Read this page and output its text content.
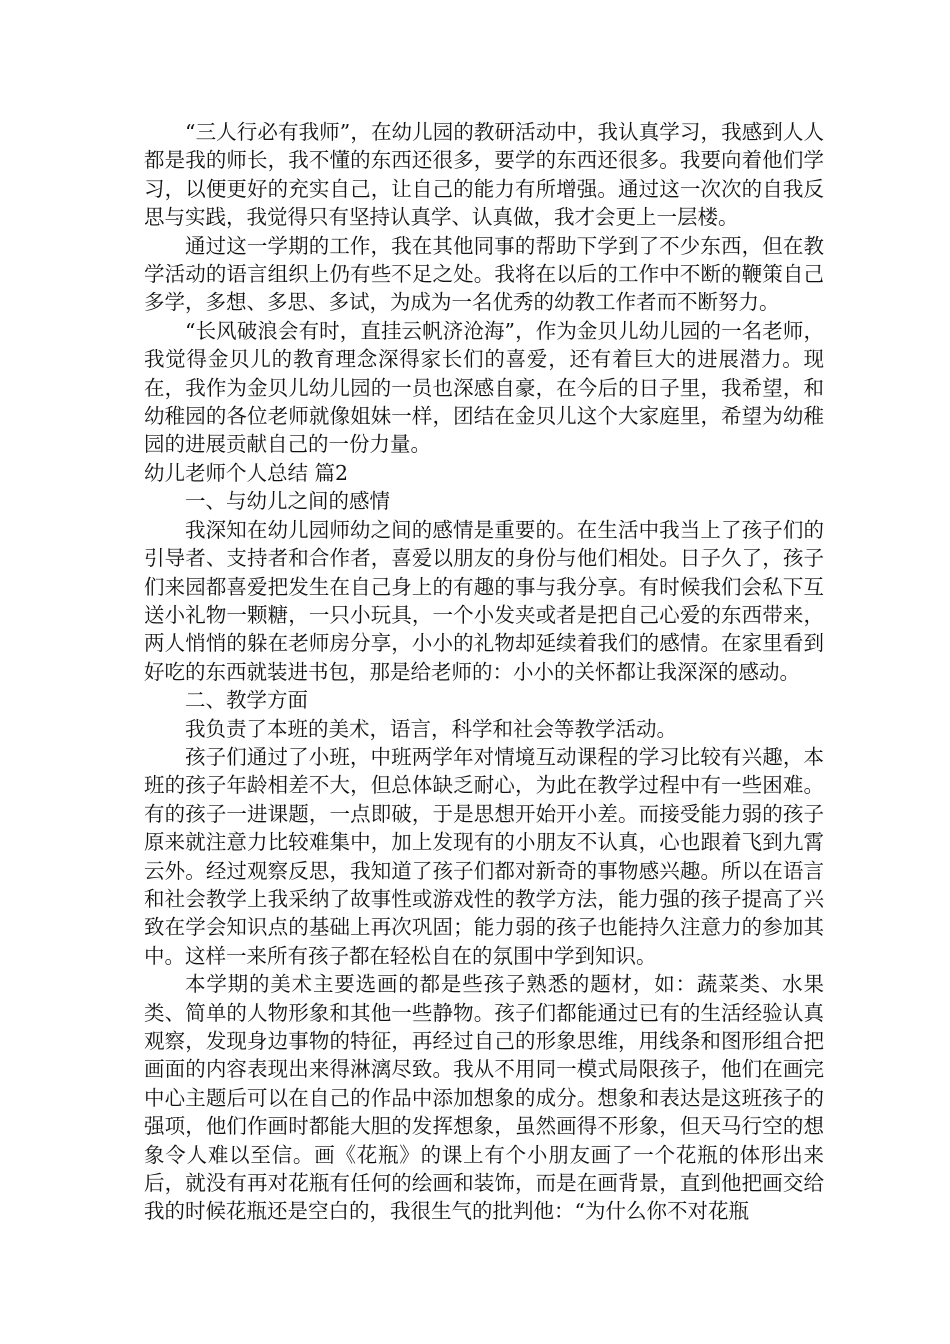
“三人行必有我师”，在幼儿园的教研活动中，我认真学习，我感到人人都是我的师长，我不懂的东西还很多，要学的东西还很多。我要向着他们学习，以便更好的充实自己，让自己的能力有所增强。通过这一次次的自我反思与实践，我觉得只有坚持认真学、认真做，我才会更上一层楼。

通过这一学期的工作，我在其他同事的帮助下学到了不少东西，但在教学活动的语言组织上仍有些不足之处。我将在以后的工作中不断的鞭策自己多学，多想、多思、多试，为成为一名优秀的幼教工作者而不断努力。

“长风破浪会有时，直挂云帆济沧海”，作为金贝儿幼儿园的一名老师，我觉得金贝儿的教育理念深得家长们的喜爱，还有着巨大的进展潜力。现在，我作为金贝儿幼儿园的一员也深感自豪，在今后的日子里，我希望，和幼稚园的各位老师就像姐妹一样，团结在金贝儿这个大家庭里，希望为幼稚园的进展贡献自己的一份力量。

幼儿老师个人总结 篇2

一、与幼儿之间的感情

我深知在幼儿园师幼之间的感情是重要的。在生活中我当上了孩子们的引导者、支持者和合作者，喜爱以朋友的身份与他们相处。日子久了，孩子们来园都喜爱把发生在自己身上的有趣的事与我分享。有时候我们会私下互送小礼物一颗糖，一只小玩具，一个小发夹或者是把自己心爱的东西带来，两人悄悄的躲在老师房分享，小小的礼物却延续着我们的感情。在家里看到好吃的东西就装进书包，那是给老师的：小小的关怀都让我深深的感动。

二、教学方面

我负责了本班的美术，语言，科学和社会等教学活动。

孩子们通过了小班，中班两学年对情境互动课程的学习比较有兴趣，本班的孩子年龄相差不大，但总体缺乏耐心，为此在教学过程中有一些困难。有的孩子一进课题，一点即破，于是思想开始开小差。而接受能力弱的孩子原来就注意力比较难集中，加上发现有的小朋友不认真，心也跟着飞到九霄云外。经过观察反思，我知道了孩子们都对新奇的事物感兴趣。所以在语言和社会教学上我采纳了故事性或游戏性的教学方法，能力强的孩子提高了兴致在学会知识点的基础上再次巩固；能力弱的孩子也能持久注意力的参加其中。这样一来所有孩子都在轻松自在的氛围中学到知识。

本学期的美术主要选画的都是些孩子熟悉的题材，如：蔬菜类、水果类、简单的人物形象和其他一些静物。孩子们都能通过已有的生活经验认真观察，发现身边事物的特征，再经过自己的形象思维，用线条和图形组合把画面的内容表现出来得淋漓尽致。我从不用同一模式局限孩子，他们在画完中心主题后可以在自己的作品中添加想象的成分。想象和表达是这班孩子的强项，他们作画时都能大胆的发挥想象，虽然画得不形象，但天马行空的想象令人难以至信。画《花瓶》的课上有个小朋友画了一个花瓶的体形出来后，就没有再对花瓶有任何的绘画和装饰，而是在画背景，直到他把画交给我的时候花瓶还是空白的，我很生气的批判他：“为什么你不对花瓶
